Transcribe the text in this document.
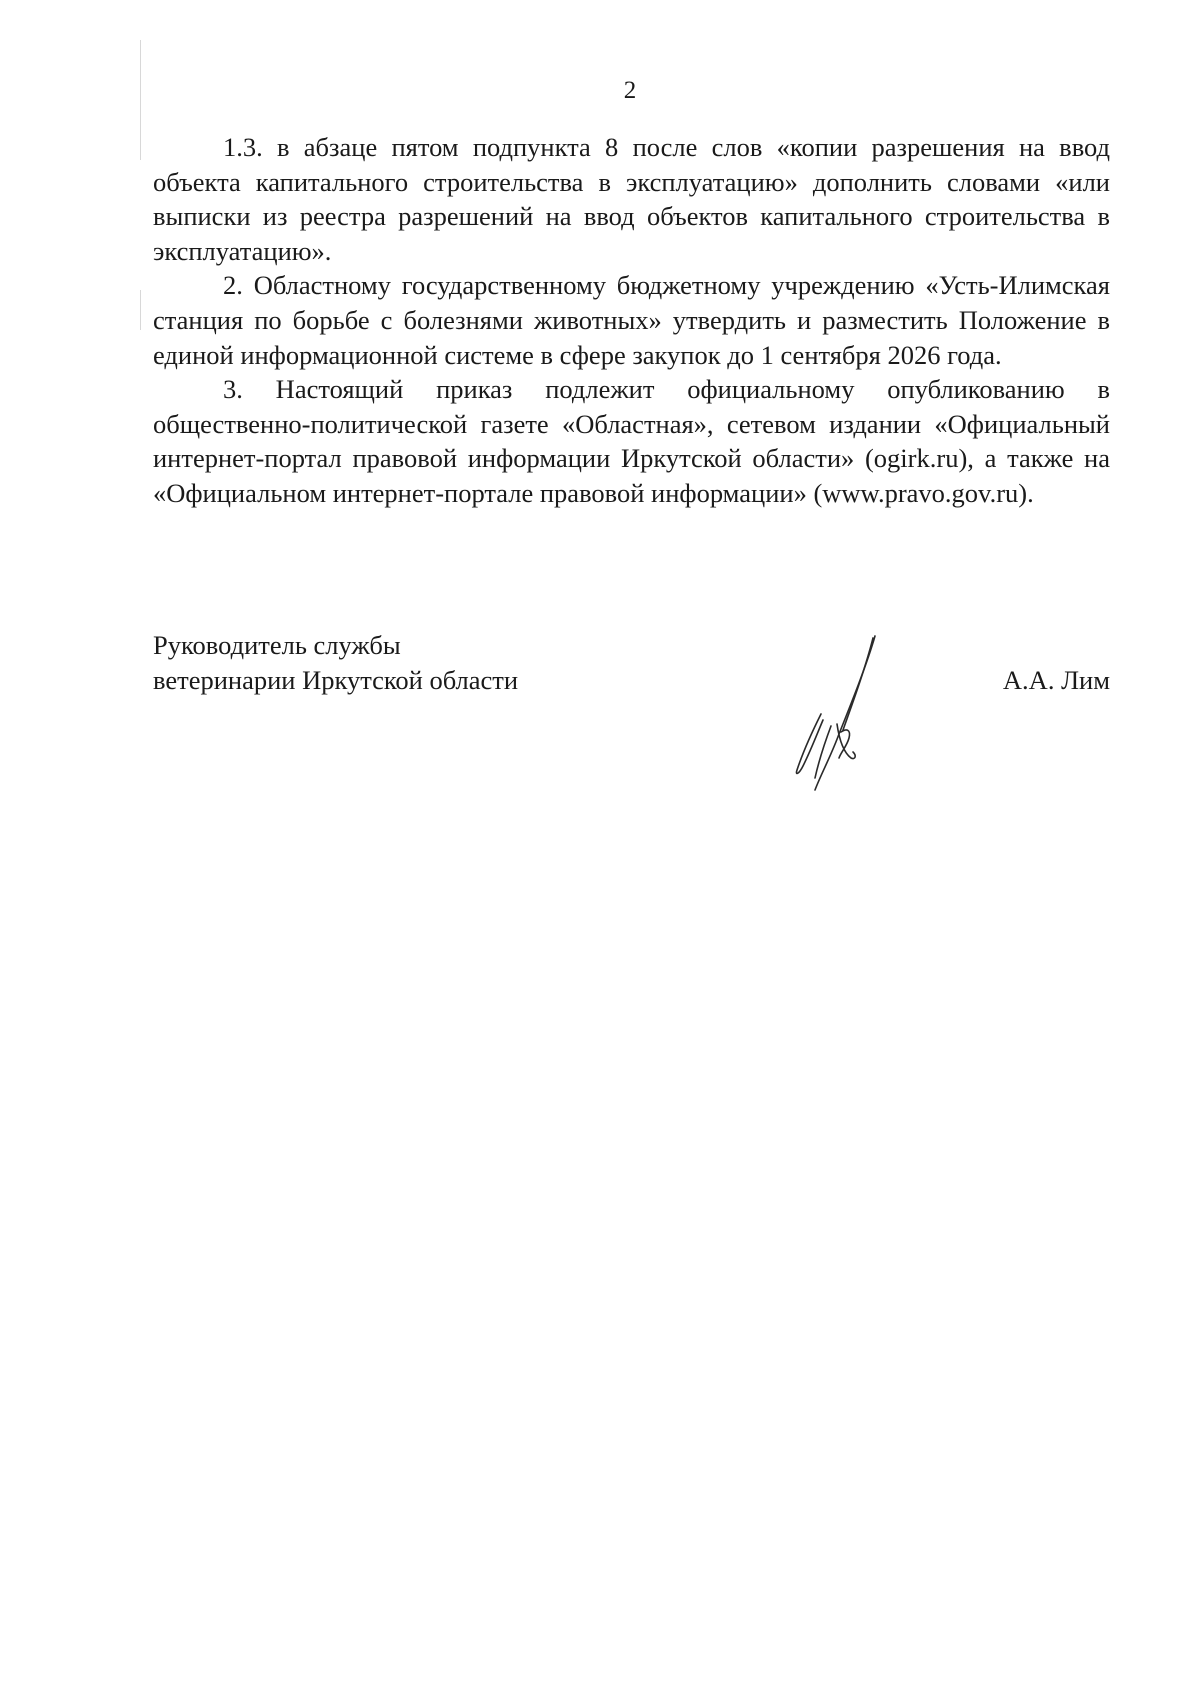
2

1.3. в абзаце пятом подпункта 8 после слов «копии разрешения на ввод объекта капитального строительства в эксплуатацию» дополнить словами «или выписки из реестра разрешений на ввод объектов капитального строительства в эксплуатацию».

2. Областному государственному бюджетному учреждению «Усть-Илимская станция по борьбе с болезнями животных» утвердить и разместить Положение в единой информационной системе в сфере закупок до 1 сентября 2026 года.

3. Настоящий приказ подлежит официальному опубликованию в общественно-политической газете «Областная», сетевом издании «Официальный интернет-портал правовой информации Иркутской области» (ogirk.ru), а также на «Официальном интернет-портале правовой информации» (www.pravo.gov.ru).

Руководитель службы
ветеринарии Иркутской области	А.А. Лим
